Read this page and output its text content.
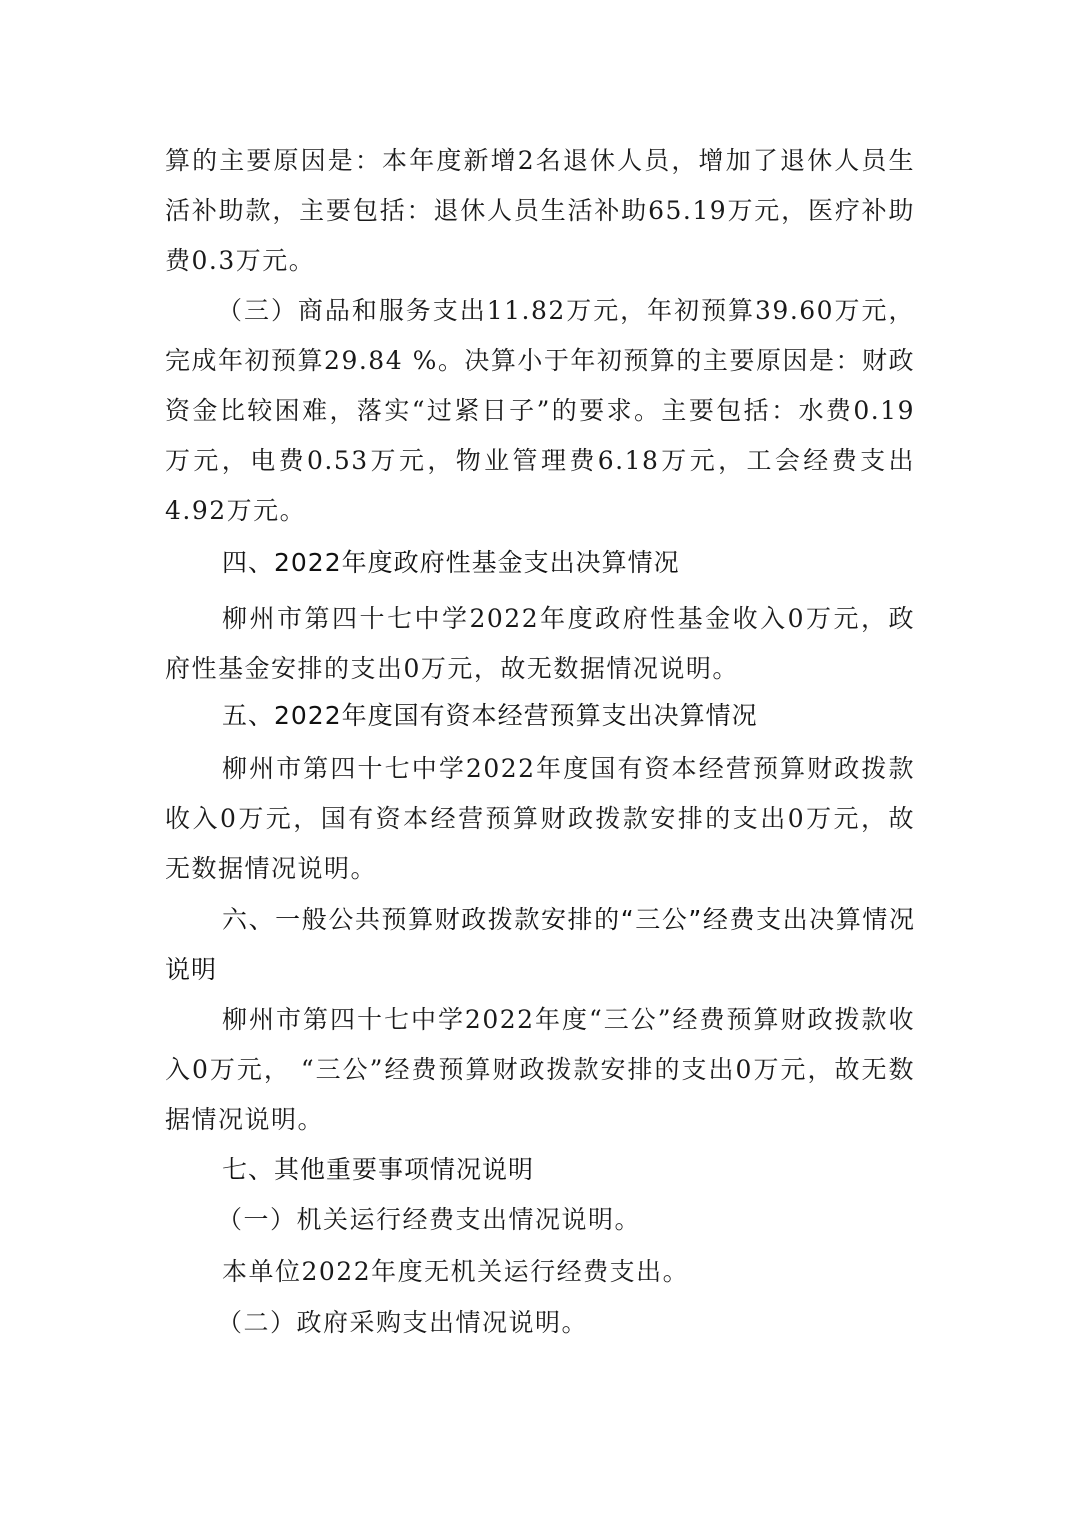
算的主要原因是：本年度新增2名退休人员，增加了退休人员生活补助款，主要包括：退休人员生活补助65.19万元，医疗补助费0.3万元。

（三）商品和服务支出11.82万元，年初预算39.60万元，完成年初预算29.84 %。决算小于年初预算的主要原因是：财政资金比较困难，落实“过紧日子”的要求。主要包括：水费0.19万元，电费0.53万元，物业管理费6.18万元，工会经费支出4.92万元。

四、2022年度政府性基金支出决算情况

柳州市第四十七中学2022年度政府性基金收入0万元，政府性基金安排的支出0万元，故无数据情况说明。

五、2022年度国有资本经营预算支出决算情况

柳州市第四十七中学2022年度国有资本经营预算财政拨款收入0万元，国有资本经营预算财政拨款安排的支出0万元，故无数据情况说明。

六、一般公共预算财政拨款安排的“三公”经费支出决算情况说明

柳州市第四十七中学2022年度“三公”经费预算财政拨款收入0万元， “三公”经费预算财政拨款安排的支出0万元，故无数据情况说明。

七、其他重要事项情况说明

（一）机关运行经费支出情况说明。

本单位2022年度无机关运行经费支出。

（二）政府采购支出情况说明。
